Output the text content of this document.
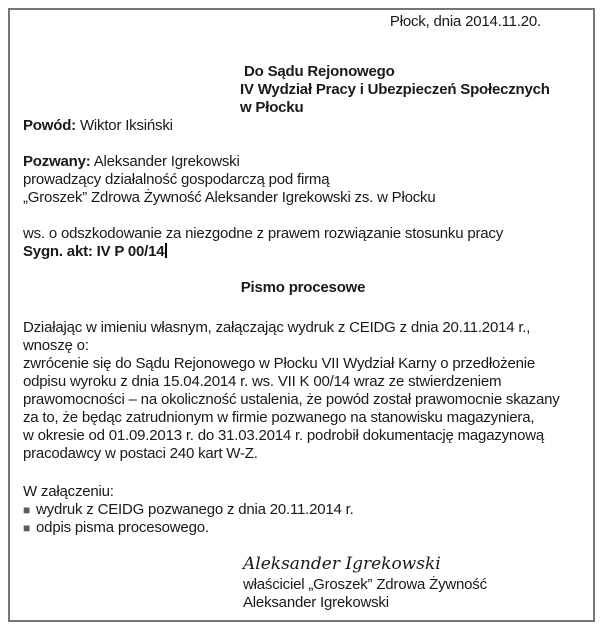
Płock, dnia 2014.11.20.
Do Sądu Rejonowego
IV Wydział Pracy i Ubezpieczeń Społecznych
w Płocku
Powód: Wiktor Iksiński
Pozwany: Aleksander Igrekowski
prowadzący działalność gospodarczą pod firmą
„Groszek” Zdrowa Żywność Aleksander Igrekowski zs. w Płocku
ws. o odszkodowanie za niezgodne z prawem rozwiązanie stosunku pracy
Sygn. akt: IV P 00/14
Pismo procesowe
Działając w imieniu własnym, załączając wydruk z CEIDG z dnia 20.11.2014 r.,
wnoszę o:
zwrócenie się do Sądu Rejonowego w Płocku VII Wydział Karny o przedłożenie
odpisu wyroku z dnia 15.04.2014 r. ws. VII K 00/14 wraz ze stwierdzeniem
prawomocności – na okoliczność ustalenia, że powód został prawomocnie skazany
za to, że będąc zatrudnionym w firmie pozwanego na stanowisku magazyniera,
w okresie od 01.09.2013 r. do 31.03.2014 r. podrobił dokumentację magazynową
pracodawcy w postaci 240 kart W-Z.
W załączeniu:
■ wydruk z CEIDG pozwanego z dnia 20.11.2014 r.
■ odpis pisma procesowego.
Aleksander Igrekowski
właściciel „Groszek” Zdrowa Żywność
Aleksander Igrekowski
